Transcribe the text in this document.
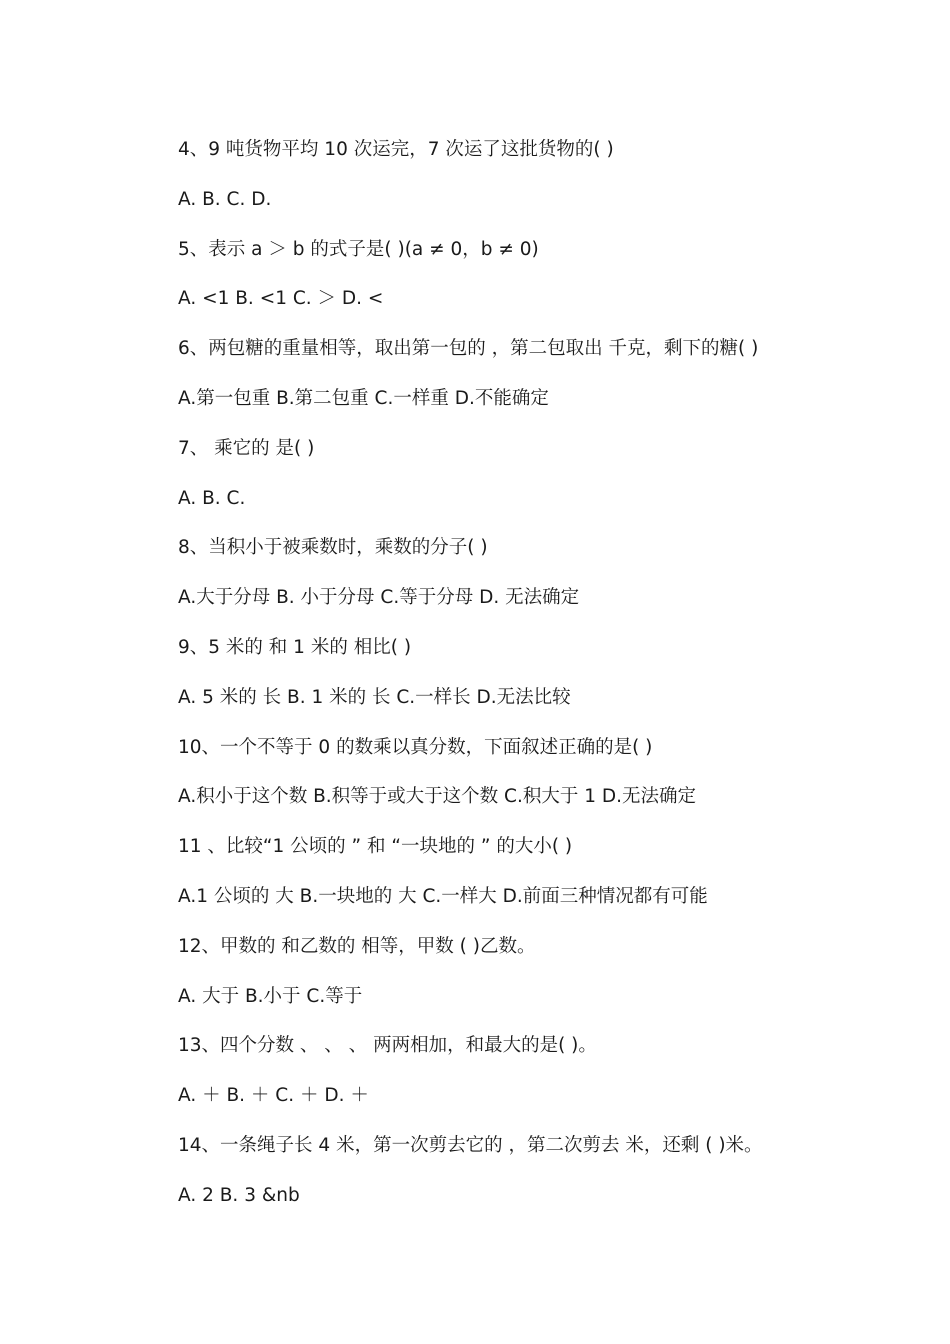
4、9 吨货物平均 10 次运完，7 次运了这批货物的( )
A. B. C. D.
5、表示 a ＞ b 的式子是( )(a ≠ 0，b ≠ 0)
A. <1 B. <1 C. ＞ D. <
6、两包糖的重量相等，取出第一包的 ，第二包取出 千克，剩下的糖( )
A.第一包重 B.第二包重 C.一样重 D.不能确定
7、 乘它的 是( )
A. B. C.
8、当积小于被乘数时，乘数的分子( )
A.大于分母 B. 小于分母 C.等于分母 D. 无法确定
9、5 米的 和 1 米的 相比( )
A. 5 米的 长 B. 1 米的 长 C.一样长 D.无法比较
10、一个不等于 0 的数乘以真分数，下面叙述正确的是( )
A.积小于这个数 B.积等于或大于这个数 C.积大于 1 D.无法确定
11 、比较“1 公顷的 ” 和 “一块地的 ” 的大小( )
A.1 公顷的 大 B.一块地的 大 C.一样大 D.前面三种情况都有可能
12、甲数的 和乙数的 相等，甲数 ( )乙数。
A. 大于 B.小于 C.等于
13、四个分数 、 、 、 两两相加，和最大的是( )。
A. ＋ B. ＋ C. ＋ D. ＋
14、一条绳子长 4 米，第一次剪去它的 ，第二次剪去 米，还剩 ( )米。
A. 2 B. 3 &nb
